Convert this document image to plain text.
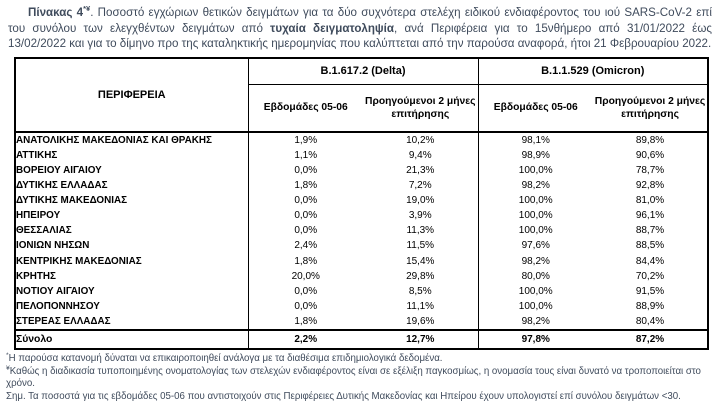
Πίνακας 4*¥. Ποσοστό εγχώριων θετικών δειγμάτων για τα δύο συχνότερα στελέχη ειδικού ενδιαφέροντος του ιού SARS-CoV-2 επί του συνόλου των ελεγχθέντων δειγμάτων από τυχαία δειγματοληψία, ανά Περιφέρεια για το 15νθήμερο από 31/01/2022 έως 13/02/2022 και για το δίμηνο προ της καταληκτικής ημερομηνίας που καλύπτεται από την παρούσα αναφορά, ήτοι 21 Φεβρουαρίου 2022.

ΠΕΡΙΦΕΡΕΙΑ	B.1.617.2 (Delta)		B.1.1.529 (Omicron)	
	Εβδομάδες 05-06	Προηγούμενοι 2 μήνες επιτήρησης	Εβδομάδες 05-06	Προηγούμενοι 2 μήνες επιτήρησης
ΑΝΑΤΟΛΙΚΗΣ ΜΑΚΕΔΟΝΙΑΣ ΚΑΙ ΘΡΑΚΗΣ	1,9%	10,2%	98,1%	89,8%
ΑΤΤΙΚΗΣ	1,1%	9,4%	98,9%	90,6%
ΒΟΡΕΙΟΥ ΑΙΓΑΙΟΥ	0,0%	21,3%	100,0%	78,7%
ΔΥΤΙΚΗΣ ΕΛΛΑΔΑΣ	1,8%	7,2%	98,2%	92,8%
ΔΥΤΙΚΗΣ ΜΑΚΕΔΟΝΙΑΣ	0,0%	19,0%	100,0%	81,0%
ΗΠΕΙΡΟΥ	0,0%	3,9%	100,0%	96,1%
ΘΕΣΣΑΛΙΑΣ	0,0%	11,3%	100,0%	88,7%
ΙΟΝΙΩΝ ΝΗΣΩΝ	2,4%	11,5%	97,6%	88,5%
ΚΕΝΤΡΙΚΗΣ ΜΑΚΕΔΟΝΙΑΣ	1,8%	15,4%	98,2%	84,4%
ΚΡΗΤΗΣ	20,0%	29,8%	80,0%	70,2%
ΝΟΤΙΟΥ ΑΙΓΑΙΟΥ	0,0%	8,5%	100,0%	91,5%
ΠΕΛΟΠΟΝΝΗΣΟΥ	0,0%	11,1%	100,0%	88,9%
ΣΤΕΡΕΑΣ ΕΛΛΑΔΑΣ	1,8%	19,6%	98,2%	80,4%
Σύνολο	2,2%	12,7%	97,8%	87,2%

*Η παρούσα κατανομή δύναται να επικαιροποιηθεί ανάλογα με τα διαθέσιμα επιδημιολογικά δεδομένα.

¥Καθώς η διαδικασία τυποποιημένης ονοματολογίας των στελεχών ενδιαφέροντος είναι σε εξέλιξη παγκοσμίως, η ονομασία τους είναι δυνατό να τροποποιείται στο χρόνο.

Σημ. Τα ποσοστά για τις εβδομάδες 05-06 που αντιστοιχούν στις Περιφέρειες Δυτικής Μακεδονίας και Ηπείρου έχουν υπολογιστεί επί συνόλου δειγμάτων <30.
